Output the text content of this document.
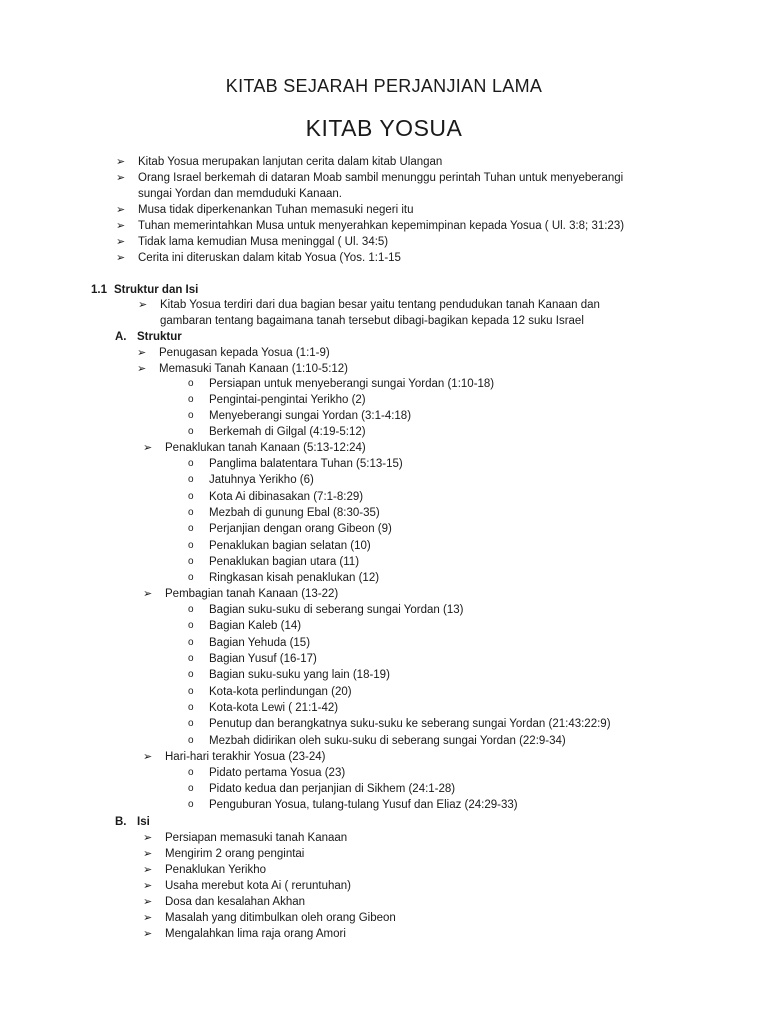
KITAB SEJARAH PERJANJIAN LAMA
KITAB YOSUA
➢ Kitab Yosua merupakan lanjutan cerita dalam kitab Ulangan
➢ Orang Israel berkemah di dataran Moab sambil menunggu perintah Tuhan untuk menyeberangi
sungai Yordan dan memduduki Kanaan.
➢ Musa tidak diperkenankan Tuhan memasuki negeri itu
➢ Tuhan memerintahkan Musa untuk menyerahkan kepemimpinan kepada Yosua ( Ul. 3:8; 31:23)
➢ Tidak lama kemudian Musa meninggal ( Ul. 34:5)
➢ Cerita ini diteruskan dalam kitab Yosua (Yos. 1:1-15
1.1 Struktur dan Isi
➢ Kitab Yosua terdiri dari dua bagian besar yaitu tentang pendudukan tanah Kanaan dan
gambaran tentang bagaimana tanah tersebut dibagi-bagikan kepada 12 suku Israel
A. Struktur
➢ Penugasan kepada Yosua (1:1-9)
➢ Memasuki Tanah Kanaan (1:10-5:12)
o Persiapan untuk menyeberangi sungai Yordan (1:10-18)
o Pengintai-pengintai Yerikho (2)
o Menyeberangi sungai Yordan (3:1-4:18)
o Berkemah di Gilgal (4:19-5:12)
➢ Penaklukan tanah Kanaan (5:13-12:24)
o Panglima balatentara Tuhan (5:13-15)
o Jatuhnya Yerikho (6)
o Kota Ai dibinasakan (7:1-8:29)
o Mezbah di gunung Ebal (8:30-35)
o Perjanjian dengan orang Gibeon (9)
o Penaklukan bagian selatan (10)
o Penaklukan bagian utara (11)
o Ringkasan kisah penaklukan (12)
➢ Pembagian tanah Kanaan (13-22)
o Bagian suku-suku di seberang sungai Yordan (13)
o Bagian Kaleb (14)
o Bagian Yehuda (15)
o Bagian Yusuf (16-17)
o Bagian suku-suku yang lain (18-19)
o Kota-kota perlindungan (20)
o Kota-kota Lewi ( 21:1-42)
o Penutup dan berangkatnya suku-suku ke seberang sungai Yordan (21:43:22:9)
o Mezbah didirikan oleh suku-suku di seberang sungai Yordan (22:9-34)
➢ Hari-hari terakhir Yosua (23-24)
o Pidato pertama Yosua (23)
o Pidato kedua dan perjanjian di Sikhem (24:1-28)
o Penguburan Yosua, tulang-tulang Yusuf dan Eliaz (24:29-33)
B. Isi
➢ Persiapan memasuki tanah Kanaan
➢ Mengirim 2 orang pengintai
➢ Penaklukan Yerikho
➢ Usaha merebut kota Ai ( reruntuhan)
➢ Dosa dan kesalahan Akhan
➢ Masalah yang ditimbulkan oleh orang Gibeon
➢ Mengalahkan lima raja orang Amori
